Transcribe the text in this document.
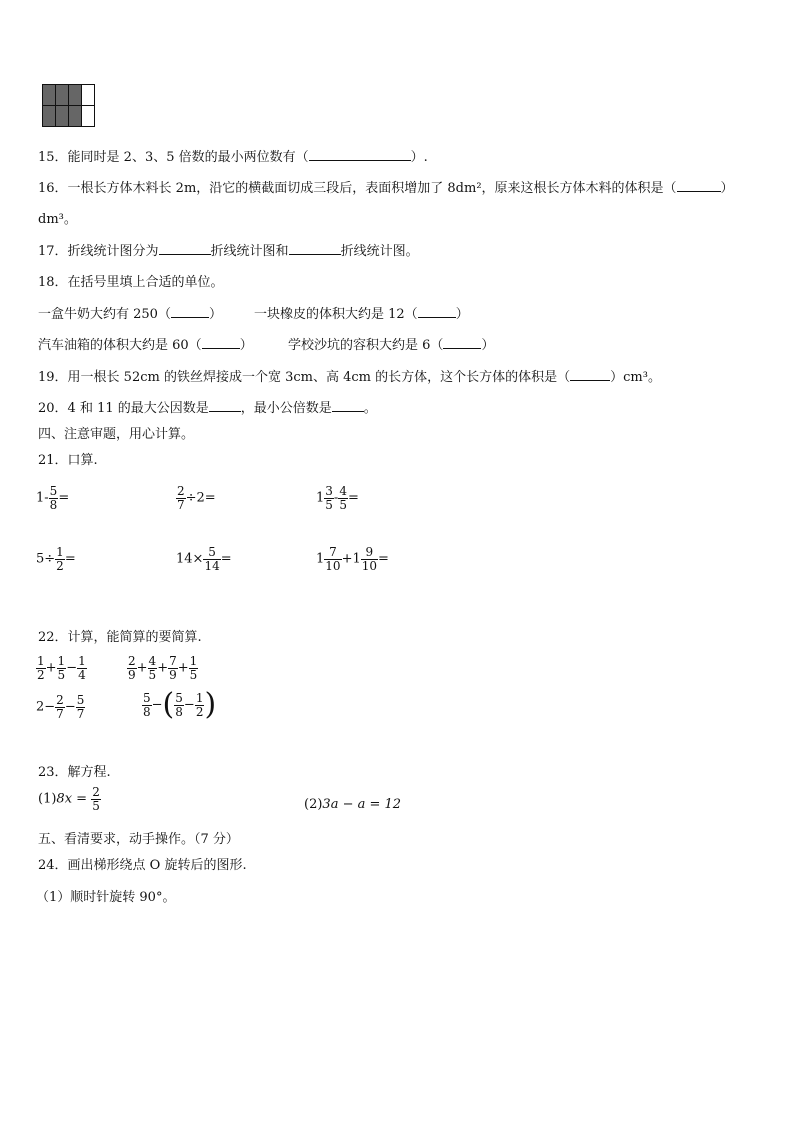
15．能同时是 2、3、5 倍数的最小两位数有（	）.
16．一根长方体木料长 2m，沿它的横截面切成三段后，表面积增加了 8dm²，原来这根长方体木料的体积是（	）
dm³。
17．折线统计图分为	折线统计图和	折线统计图。
18．在括号里填上合适的单位。
一盒牛奶大约有 250（	） 一块橡皮的体积大约是 12（	）
汽车油箱的体积大约是 60（	）	学校沙坑的容积大约是 6（	）
19．用一根长 52cm 的铁丝焊接成一个宽 3cm、高 4cm 的长方体，这个长方体的体积是（	）cm³。
20．4 和 11 的最大公因数是 ，最小公倍数是 。
四、注意审题，用心计算。
21．口算.
$1- \frac{5}{8}$ =	$\frac{2}{7} \div 2=$	$1 \frac{3}{5} - \frac{4}{5}$ =
$5\div \frac{1}{2}$ =	$14\times \frac{5}{14}$ =	$1 \frac{7}{10} +1 \frac{9}{10}$ =
22．计算，能简算的要简算.
$\frac{1}{2} + \frac{1}{5} - \frac{1}{4}$	$\frac{2}{9} + \frac{4}{5} + \frac{7}{9} + \frac{1}{5}$
$2- \frac{2}{7} - \frac{5}{7}$	$\frac{5}{8}$ −( $\frac{5}{8} - \frac{1}{2}$ )
23．解方程.
$(1)8x = \frac{2}{5}$	(2)3a − a = 12
五、看清要求，动手操作。（7 分）
24．画出梯形绕点 O 旋转后的图形.
（1）顺时针旋转 90°。
